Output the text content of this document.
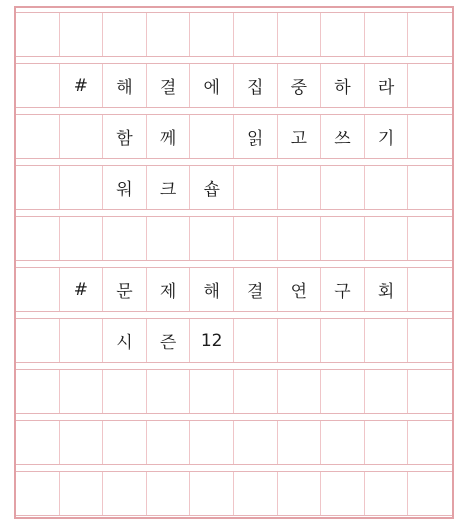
#	해	결	에	집	중	하	라
함	께	읽	고	쓰	기
워	크	숍
#	문	제	해	결	연	구	회
시	즌	12
